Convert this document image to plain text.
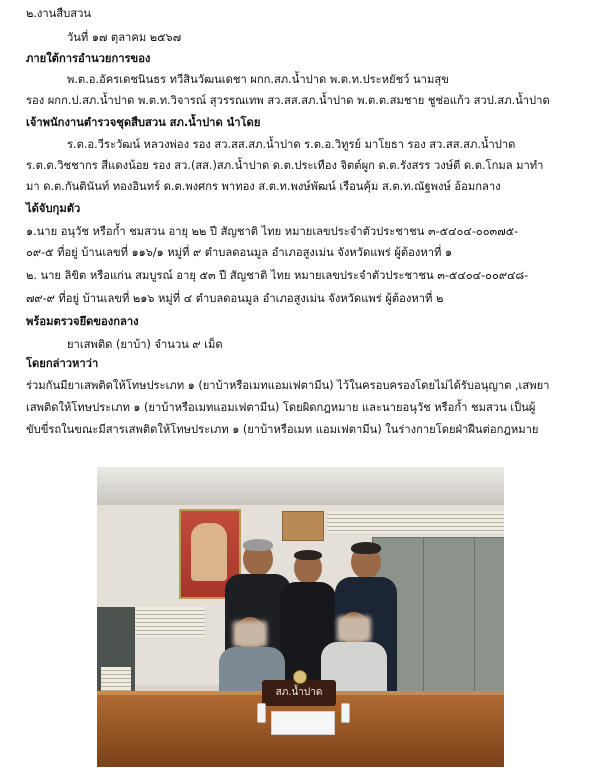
๒.งานสืบสวน
วันที่ ๑๗ ตุลาคม ๒๕๖๗
ภายใต้การอำนวยการของ
พ.ต.อ.อัครเดชนินธร ทวีสินวัฒนเดชา ผกก.สภ.น้ำปาด พ.ต.ท.ประหยัชว์ นามสุข
รอง ผกก.ป.สภ.น้ำปาด พ.ต.ท.วิจารณ์ สุวรรณเทพ สว.สส.สภ.น้ำปาด พ.ต.ต.สมชาย ชูช่อแก้ว สวป.สภ.น้ำปาด
เจ้าพนักงานตำรวจชุดสืบสวน สภ.น้ำปาด นำโดย
ร.ต.อ.วีระวัฒน์ หลวงพ่อง รอง สว.สส.สภ.น้ำปาด ร.ต.อ.วิทูรย์ มาโยธา รอง สว.สส.สภ.น้ำปาด
ร.ต.ต.วิชชากร สีแดงน้อย รอง สว.(สส.)สภ.น้ำปาด ด.ต.ประเทือง จิตต์ผูก ด.ต.รังสรร วงษ์ตี ด.ต.โกมล มาทำ
มา ด.ต.กันตินันท์ ทองอินทร์ ด.ต.พงศกร พาทอง ส.ต.ท.พงษ์พัฒน์ เรือนคุ้ม ส.ต.ท.ณัฐพงษ์ อ้อมกลาง
ได้จับกุมตัว
๑.นาย อนุวัช หรือก้ำ ชมสวน อายุ ๒๒ ปี สัญชาติ ไทย หมายเลขประจำตัวประชาชน ๓-๕๔๐๔-๐๐๓๗๕-
๐๙-๕ ที่อยู่ บ้านเลขที่ ๑๑๖/๑ หมู่ที่ ๙ ตำบลดอนมูล อำเภอสูงเม่น จังหวัดแพร่ ผู้ต้องหาที่ ๑
๒. นาย ลิขิต หรือแก่น สมบูรณ์ อายุ ๕๓ ปี สัญชาติ ไทย หมายเลขประจำตัวประชาชน ๓-๕๔๐๔-๐๐๙๔๘-
๗๙-๙ ที่อยู่ บ้านเลขที่ ๒๑๖ หมู่ที่ ๔ ตำบลดอนมูล อำเภอสูงเม่น จังหวัดแพร่ ผู้ต้องหาที่ ๒
พร้อมตรวจยึดของกลาง
ยาเสพติด (ยาบ้า) จำนวน ๙ เม็ด
โดยกล่าวหาว่า
ร่วมกันมียาเสพติดให้โทษประเภท ๑ (ยาบ้าหรือเมทแอมเฟตามีน) ไว้ในครอบครองโดยไม่ได้รับอนุญาต ,เสพยา
เสพติดให้โทษประเภท ๑ (ยาบ้าหรือเมทแอมเฟตามีน) โดยผิดกฎหมาย และนายอนุวัช หรือก้ำ ชมสวน เป็นผู้
ขับขี่รถในขณะมีสารเสพติดให้โทษประเภท ๑ (ยาบ้าหรือเมท แอมเฟตามีน) ในร่างกายโดยฝ่าฝืนต่อกฎหมาย
สภ.น้ำปาด
